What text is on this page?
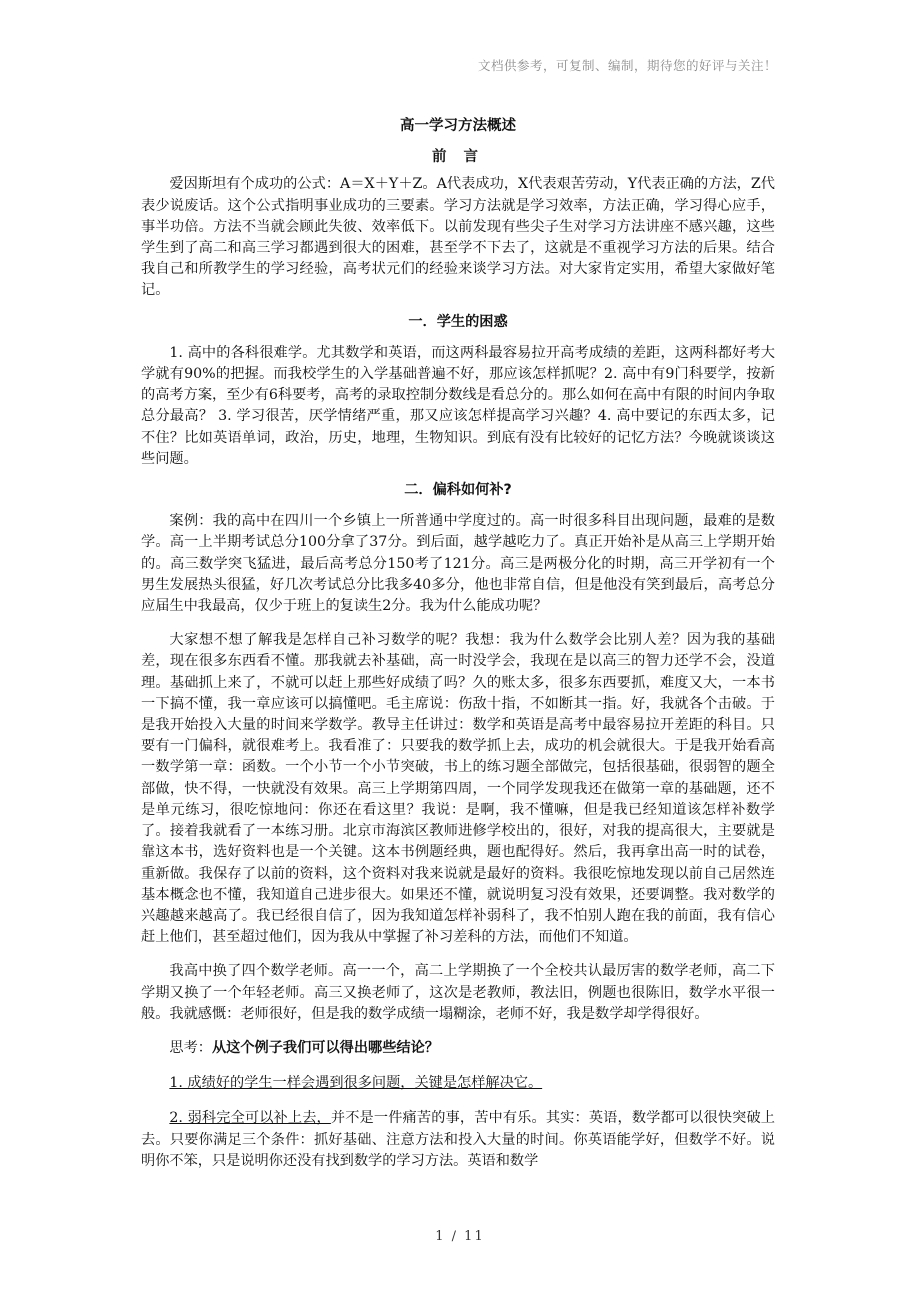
文档供参考，可复制、编制，期待您的好评与关注！
高一学习方法概述
前 言

爱因斯坦有个成功的公式：A＝X＋Y＋Z。A代表成功，X代表艰苦劳动，Y代表正确的方法，Z代表少说废话。这个公式指明事业成功的三要素。学习方法就是学习效率，方法正确，学习得心应手，事半功倍。方法不当就会顾此失彼、效率低下。以前发现有些尖子生对学习方法讲座不感兴趣，这些学生到了高二和高三学习都遇到很大的困难，甚至学不下去了，这就是不重视学习方法的后果。结合我自己和所教学生的学习经验，高考状元们的经验来谈学习方法。对大家肯定实用，希望大家做好笔记。

一．学生的困惑

1. 高中的各科很难学。尤其数学和英语，而这两科最容易拉开高考成绩的差距，这两科都好考大学就有90%的把握。而我校学生的入学基础普遍不好，那应该怎样抓呢？2. 高中有9门科要学，按新的高考方案，至少有6科要考，高考的录取控制分数线是看总分的。那么如何在高中有限的时间内争取总分最高？ 3. 学习很苦，厌学情绪严重，那又应该怎样提高学习兴趣？4. 高中要记的东西太多，记不住？比如英语单词，政治，历史，地理，生物知识。到底有没有比较好的记忆方法？今晚就谈谈这些问题。

二．偏科如何补?

案例：我的高中在四川一个乡镇上一所普通中学度过的。高一时很多科目出现问题，最难的是数学。高一上半期考试总分100分拿了37分。到后面，越学越吃力了。真正开始补是从高三上学期开始的。高三数学突飞猛进，最后高考总分150考了121分。高三是两极分化的时期，高三开学初有一个男生发展热头很猛，好几次考试总分比我多40多分，他也非常自信，但是他没有笑到最后，高考总分应届生中我最高，仅少于班上的复读生2分。我为什么能成功呢？

大家想不想了解我是怎样自己补习数学的呢？我想：我为什么数学会比别人差？因为我的基础差，现在很多东西看不懂。那我就去补基础，高一时没学会，我现在是以高三的智力还学不会，没道理。基础抓上来了，不就可以赶上那些好成绩了吗？久的账太多，很多东西要抓，难度又大，一本书一下搞不懂，我一章应该可以搞懂吧。毛主席说：伤敌十指，不如断其一指。好，我就各个击破。于是我开始投入大量的时间来学数学。教导主任讲过：数学和英语是高考中最容易拉开差距的科目。只要有一门偏科，就很难考上。我看准了：只要我的数学抓上去，成功的机会就很大。于是我开始看高一数学第一章：函数。一个小节一个小节突破，书上的练习题全部做完，包括很基础，很弱智的题全部做，快不得，一快就没有效果。高三上学期第四周，一个同学发现我还在做第一章的基础题，还不是单元练习，很吃惊地问：你还在看这里？我说：是啊，我不懂嘛，但是我已经知道该怎样补数学了。接着我就看了一本练习册。北京市海滨区教师进修学校出的，很好，对我的提高很大，主要就是靠这本书，选好资料也是一个关键。这本书例题经典，题也配得好。然后，我再拿出高一时的试卷，重新做。我保存了以前的资料，这个资料对我来说就是最好的资料。我很吃惊地发现以前自己居然连基本概念也不懂，我知道自己进步很大。如果还不懂，就说明复习没有效果，还要调整。我对数学的兴趣越来越高了。我已经很自信了，因为我知道怎样补弱科了，我不怕别人跑在我的前面，我有信心赶上他们，甚至超过他们，因为我从中掌握了补习差科的方法，而他们不知道。

我高中换了四个数学老师。高一一个，高二上学期换了一个全校共认最厉害的数学老师，高二下学期又换了一个年轻老师。高三又换老师了，这次是老教师，教法旧，例题也很陈旧，数学水平很一般。我就感慨：老师很好，但是我的数学成绩一塌糊涂，老师不好，我是数学却学得很好。

思考：从这个例子我们可以得出哪些结论？
1. 成绩好的学生一样会遇到很多问题，关键是怎样解决它。
2. 弱科完全可以补上去，并不是一件痛苦的事，苦中有乐。其实：英语，数学都可以很快突破上去。只要你满足三个条件：抓好基础、注意方法和投入大量的时间。你英语能学好，但数学不好。说明你不笨，只是说明你还没有找到数学的学习方法。英语和数学
1 / 11
